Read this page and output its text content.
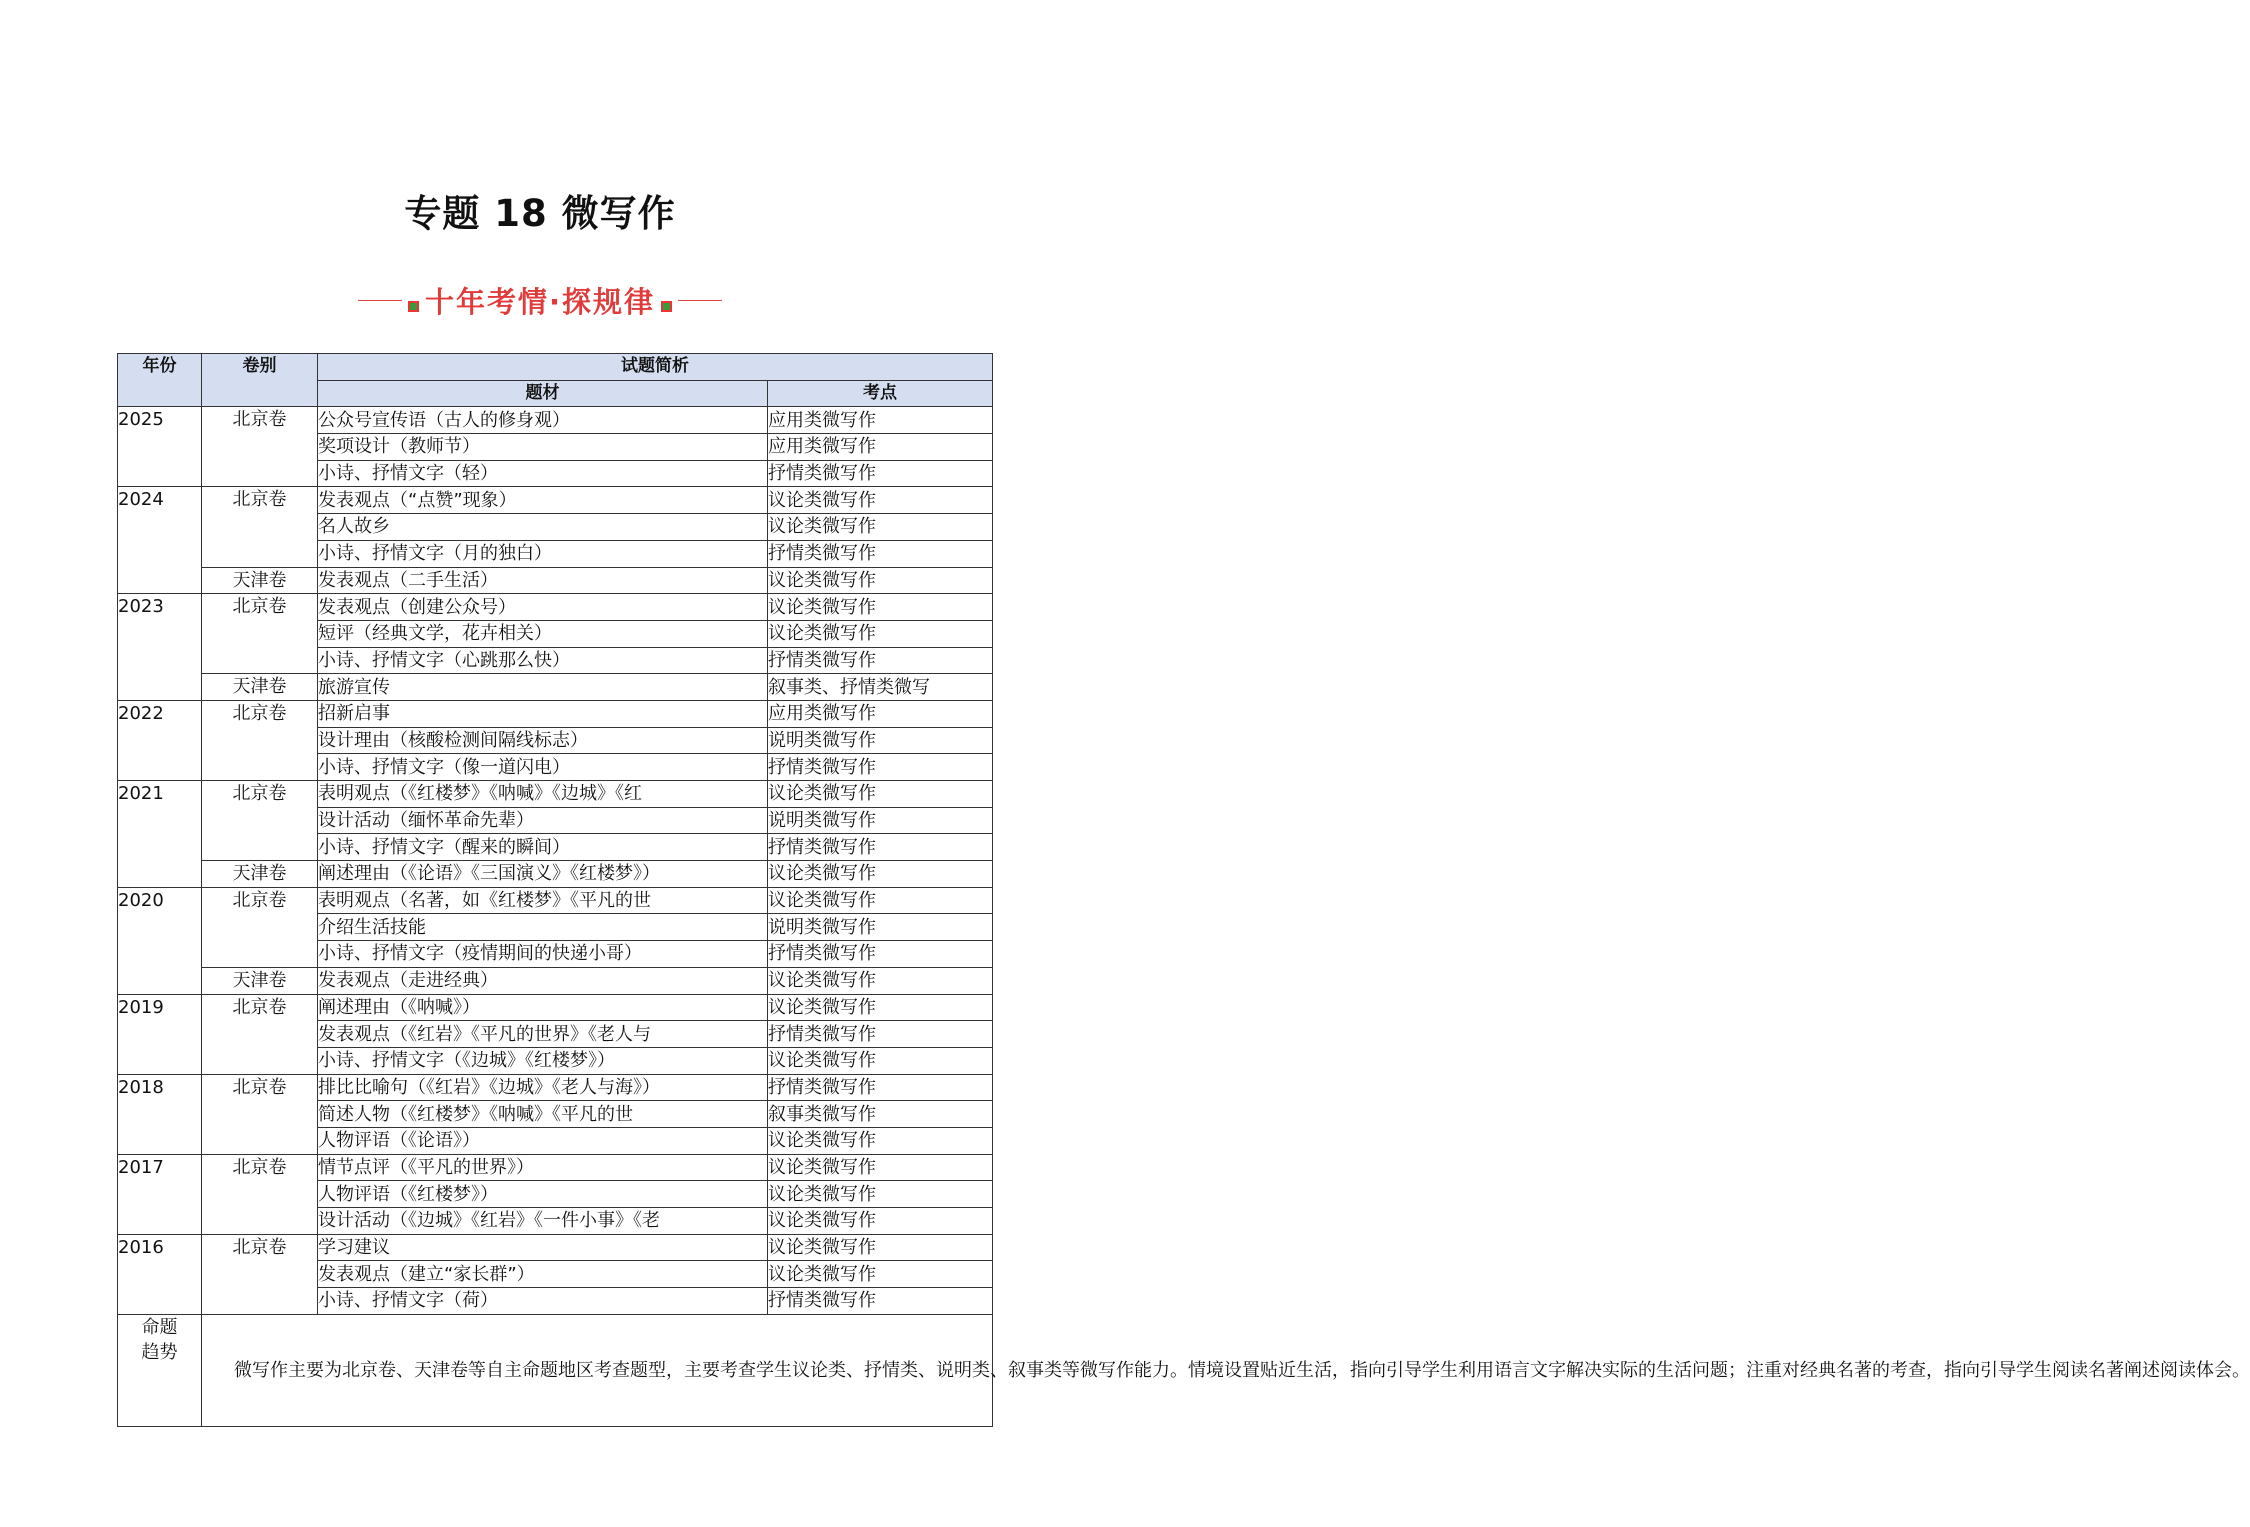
专题 18 微写作
十年考情·探规律
年份	卷别	试题简析	
		题材	考点
2025	北京卷	公众号宣传语（古人的修身观）	应用类微写作
		奖项设计（教师节）	应用类微写作
		小诗、抒情文字（轻）	抒情类微写作
2024	北京卷	发表观点（“点赞”现象）	议论类微写作
		名人故乡	议论类微写作
		小诗、抒情文字（月的独白）	抒情类微写作
	天津卷	发表观点（二手生活）	议论类微写作
2023	北京卷	发表观点（创建公众号）	议论类微写作
		短评（经典文学，花卉相关）	议论类微写作
		小诗、抒情文字（心跳那么快）	抒情类微写作
	天津卷	旅游宣传	叙事类、抒情类微写
2022	北京卷	招新启事	应用类微写作
		设计理由（核酸检测间隔线标志）	说明类微写作
		小诗、抒情文字（像一道闪电）	抒情类微写作
2021	北京卷	表明观点（《红楼梦》《呐喊》《边城》《红	议论类微写作
		设计活动（缅怀革命先辈）	说明类微写作
		小诗、抒情文字（醒来的瞬间）	抒情类微写作
	天津卷	阐述理由（《论语》《三国演义》《红楼梦》）	议论类微写作
2020	北京卷	表明观点（名著，如《红楼梦》《平凡的世	议论类微写作
		介绍生活技能	说明类微写作
		小诗、抒情文字（疫情期间的快递小哥）	抒情类微写作
	天津卷	发表观点（走进经典）	议论类微写作
2019	北京卷	阐述理由（《呐喊》）	议论类微写作
		发表观点（《红岩》《平凡的世界》《老人与	抒情类微写作
		小诗、抒情文字（《边城》《红楼梦》）	议论类微写作
2018	北京卷	排比比喻句（《红岩》《边城》《老人与海》）	抒情类微写作
		简述人物（《红楼梦》《呐喊》《平凡的世	叙事类微写作
		人物评语（《论语》）	议论类微写作
2017	北京卷	情节点评（《平凡的世界》）	议论类微写作
		人物评语（《红楼梦》）	议论类微写作
		设计活动（《边城》《红岩》《一件小事》《老	议论类微写作
2016	北京卷	学习建议	议论类微写作
		发表观点（建立“家长群”）	议论类微写作
		小诗、抒情文字（荷）	抒情类微写作
命题
趋势	微写作主要为北京卷、天津卷等自主命题地区考查题型，主要考查学生议论类、抒情类、说明类、叙事类等微写作能力。情境设置贴近生活，指向引导学生利用语言文字解决实际的生活问题；注重对经典名著的考查，指向引导学生阅读名著阐述阅读体会。		
